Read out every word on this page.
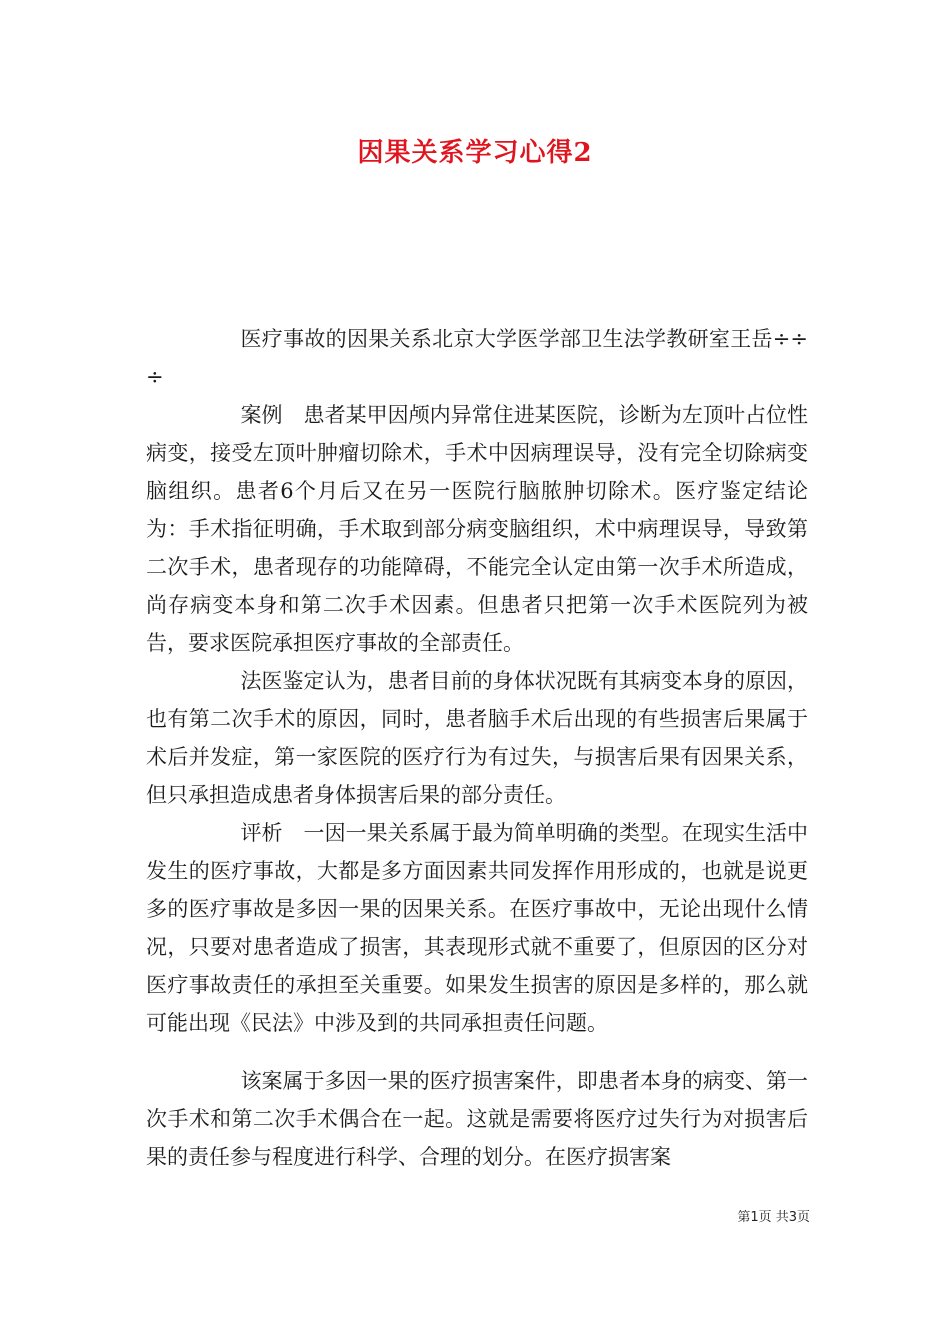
因果关系学习心得2

医疗事故的因果关系北京大学医学部卫生法学教研室王岳÷÷÷

案例　患者某甲因颅内异常住进某医院，诊断为左顶叶占位性病变，接受左顶叶肿瘤切除术，手术中因病理误导，没有完全切除病变脑组织。患者6个月后又在另一医院行脑脓肿切除术。医疗鉴定结论为：手术指征明确，手术取到部分病变脑组织，术中病理误导，导致第二次手术，患者现存的功能障碍，不能完全认定由第一次手术所造成，尚存病变本身和第二次手术因素。但患者只把第一次手术医院列为被告，要求医院承担医疗事故的全部责任。

法医鉴定认为，患者目前的身体状况既有其病变本身的原因，也有第二次手术的原因，同时，患者脑手术后出现的有些损害后果属于术后并发症，第一家医院的医疗行为有过失，与损害后果有因果关系，但只承担造成患者身体损害后果的部分责任。

评析　一因一果关系属于最为简单明确的类型。在现实生活中发生的医疗事故，大都是多方面因素共同发挥作用形成的，也就是说更多的医疗事故是多因一果的因果关系。在医疗事故中，无论出现什么情况，只要对患者造成了损害，其表现形式就不重要了，但原因的区分对医疗事故责任的承担至关重要。如果发生损害的原因是多样的，那么就可能出现《民法》中涉及到的共同承担责任问题。

该案属于多因一果的医疗损害案件，即患者本身的病变、第一次手术和第二次手术偶合在一起。这就是需要将医疗过失行为对损害后果的责任参与程度进行科学、合理的划分。在医疗损害案

第1页 共3页
